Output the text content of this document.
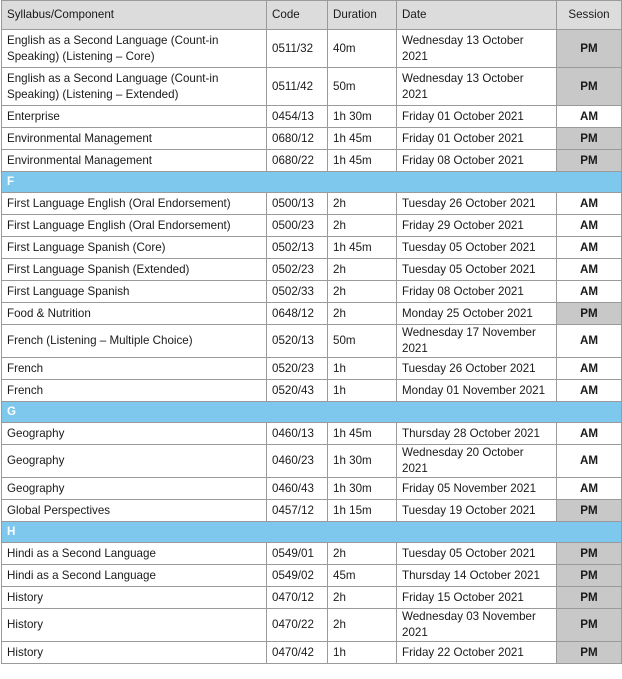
Syllabus/Component	Code	Duration	Date	Session
English as a Second Language (Count-in Speaking) (Listening – Core)	0511/32	40m	Wednesday 13 October 2021	PM
English as a Second Language (Count-in Speaking) (Listening – Extended)	0511/42	50m	Wednesday 13 October 2021	PM
Enterprise	0454/13	1h 30m	Friday 01 October 2021	AM
Environmental Management	0680/12	1h 45m	Friday 01 October 2021	PM
Environmental Management	0680/22	1h 45m	Friday 08 October 2021	PM
F				
First Language English (Oral Endorsement)	0500/13	2h	Tuesday 26 October 2021	AM
First Language English (Oral Endorsement)	0500/23	2h	Friday 29 October 2021	AM
First Language Spanish (Core)	0502/13	1h 45m	Tuesday 05 October 2021	AM
First Language Spanish (Extended)	0502/23	2h	Tuesday 05 October 2021	AM
First Language Spanish	0502/33	2h	Friday 08 October 2021	AM
Food & Nutrition	0648/12	2h	Monday 25 October 2021	PM
French (Listening – Multiple Choice)	0520/13	50m	Wednesday 17 November 2021	AM
French	0520/23	1h	Tuesday 26 October 2021	AM
French	0520/43	1h	Monday 01 November 2021	AM
G				
Geography	0460/13	1h 45m	Thursday 28 October 2021	AM
Geography	0460/23	1h 30m	Wednesday 20 October 2021	AM
Geography	0460/43	1h 30m	Friday 05 November 2021	AM
Global Perspectives	0457/12	1h 15m	Tuesday 19 October 2021	PM
H				
Hindi as a Second Language	0549/01	2h	Tuesday 05 October 2021	PM
Hindi as a Second Language	0549/02	45m	Thursday 14 October 2021	PM
History	0470/12	2h	Friday 15 October 2021	PM
History	0470/22	2h	Wednesday 03 November 2021	PM
History	0470/42	1h	Friday 22 October 2021	PM
